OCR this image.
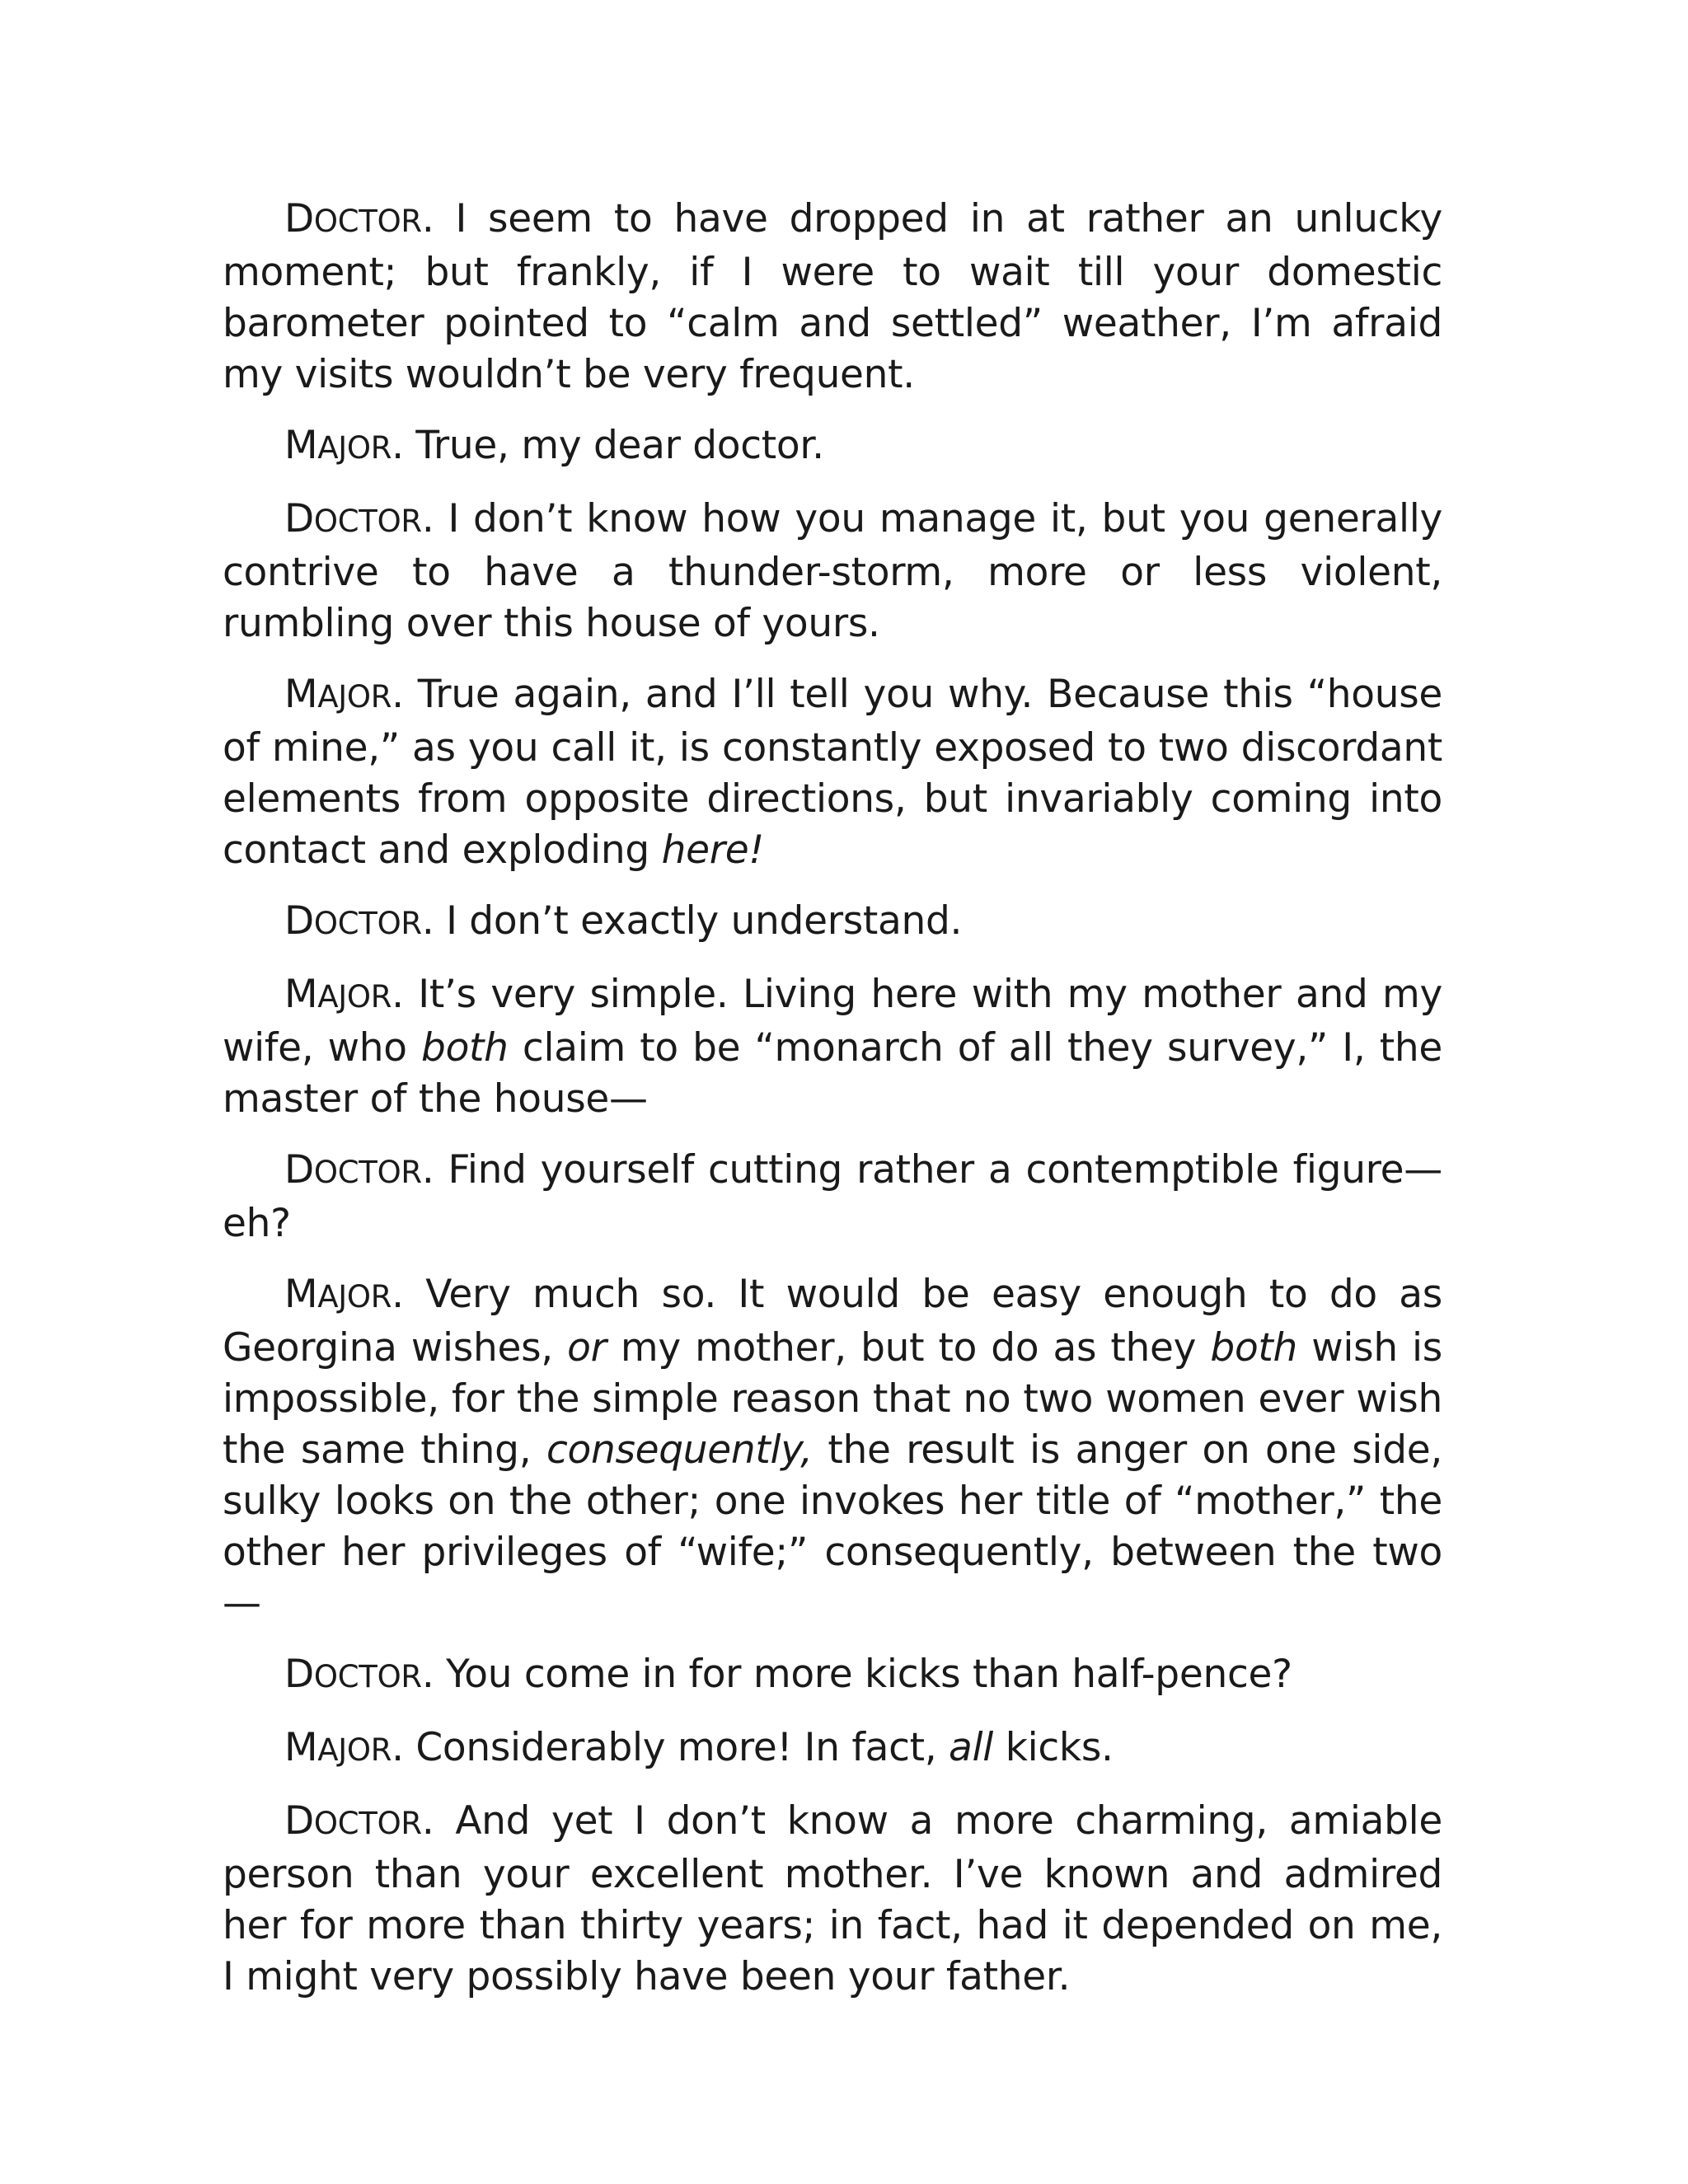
DOCTOR. I seem to have dropped in at rather an unlucky moment; but frankly, if I were to wait till your domestic barometer pointed to “calm and settled” weather, I’m afraid my visits wouldn’t be very frequent.

MAJOR. True, my dear doctor.

DOCTOR. I don’t know how you manage it, but you generally contrive to have a thunder-storm, more or less violent, rumbling over this house of yours.

MAJOR. True again, and I’ll tell you why. Because this “house of mine,” as you call it, is constantly exposed to two discordant elements from opposite directions, but invariably coming into contact and exploding here!

DOCTOR. I don’t exactly understand.

MAJOR. It’s very simple. Living here with my mother and my wife, who both claim to be “monarch of all they survey,” I, the master of the house—

DOCTOR. Find yourself cutting rather a contemptible figure—eh?

MAJOR. Very much so. It would be easy enough to do as Georgina wishes, or my mother, but to do as they both wish is impossible, for the simple reason that no two women ever wish the same thing, consequently, the result is anger on one side, sulky looks on the other; one invokes her title of “mother,” the other her privileges of “wife;” consequently, between the two—

DOCTOR. You come in for more kicks than half-pence?

MAJOR. Considerably more! In fact, all kicks.

DOCTOR. And yet I don’t know a more charming, amiable person than your excellent mother. I’ve known and admired her for more than thirty years; in fact, had it depended on me, I might very possibly have been your father.
